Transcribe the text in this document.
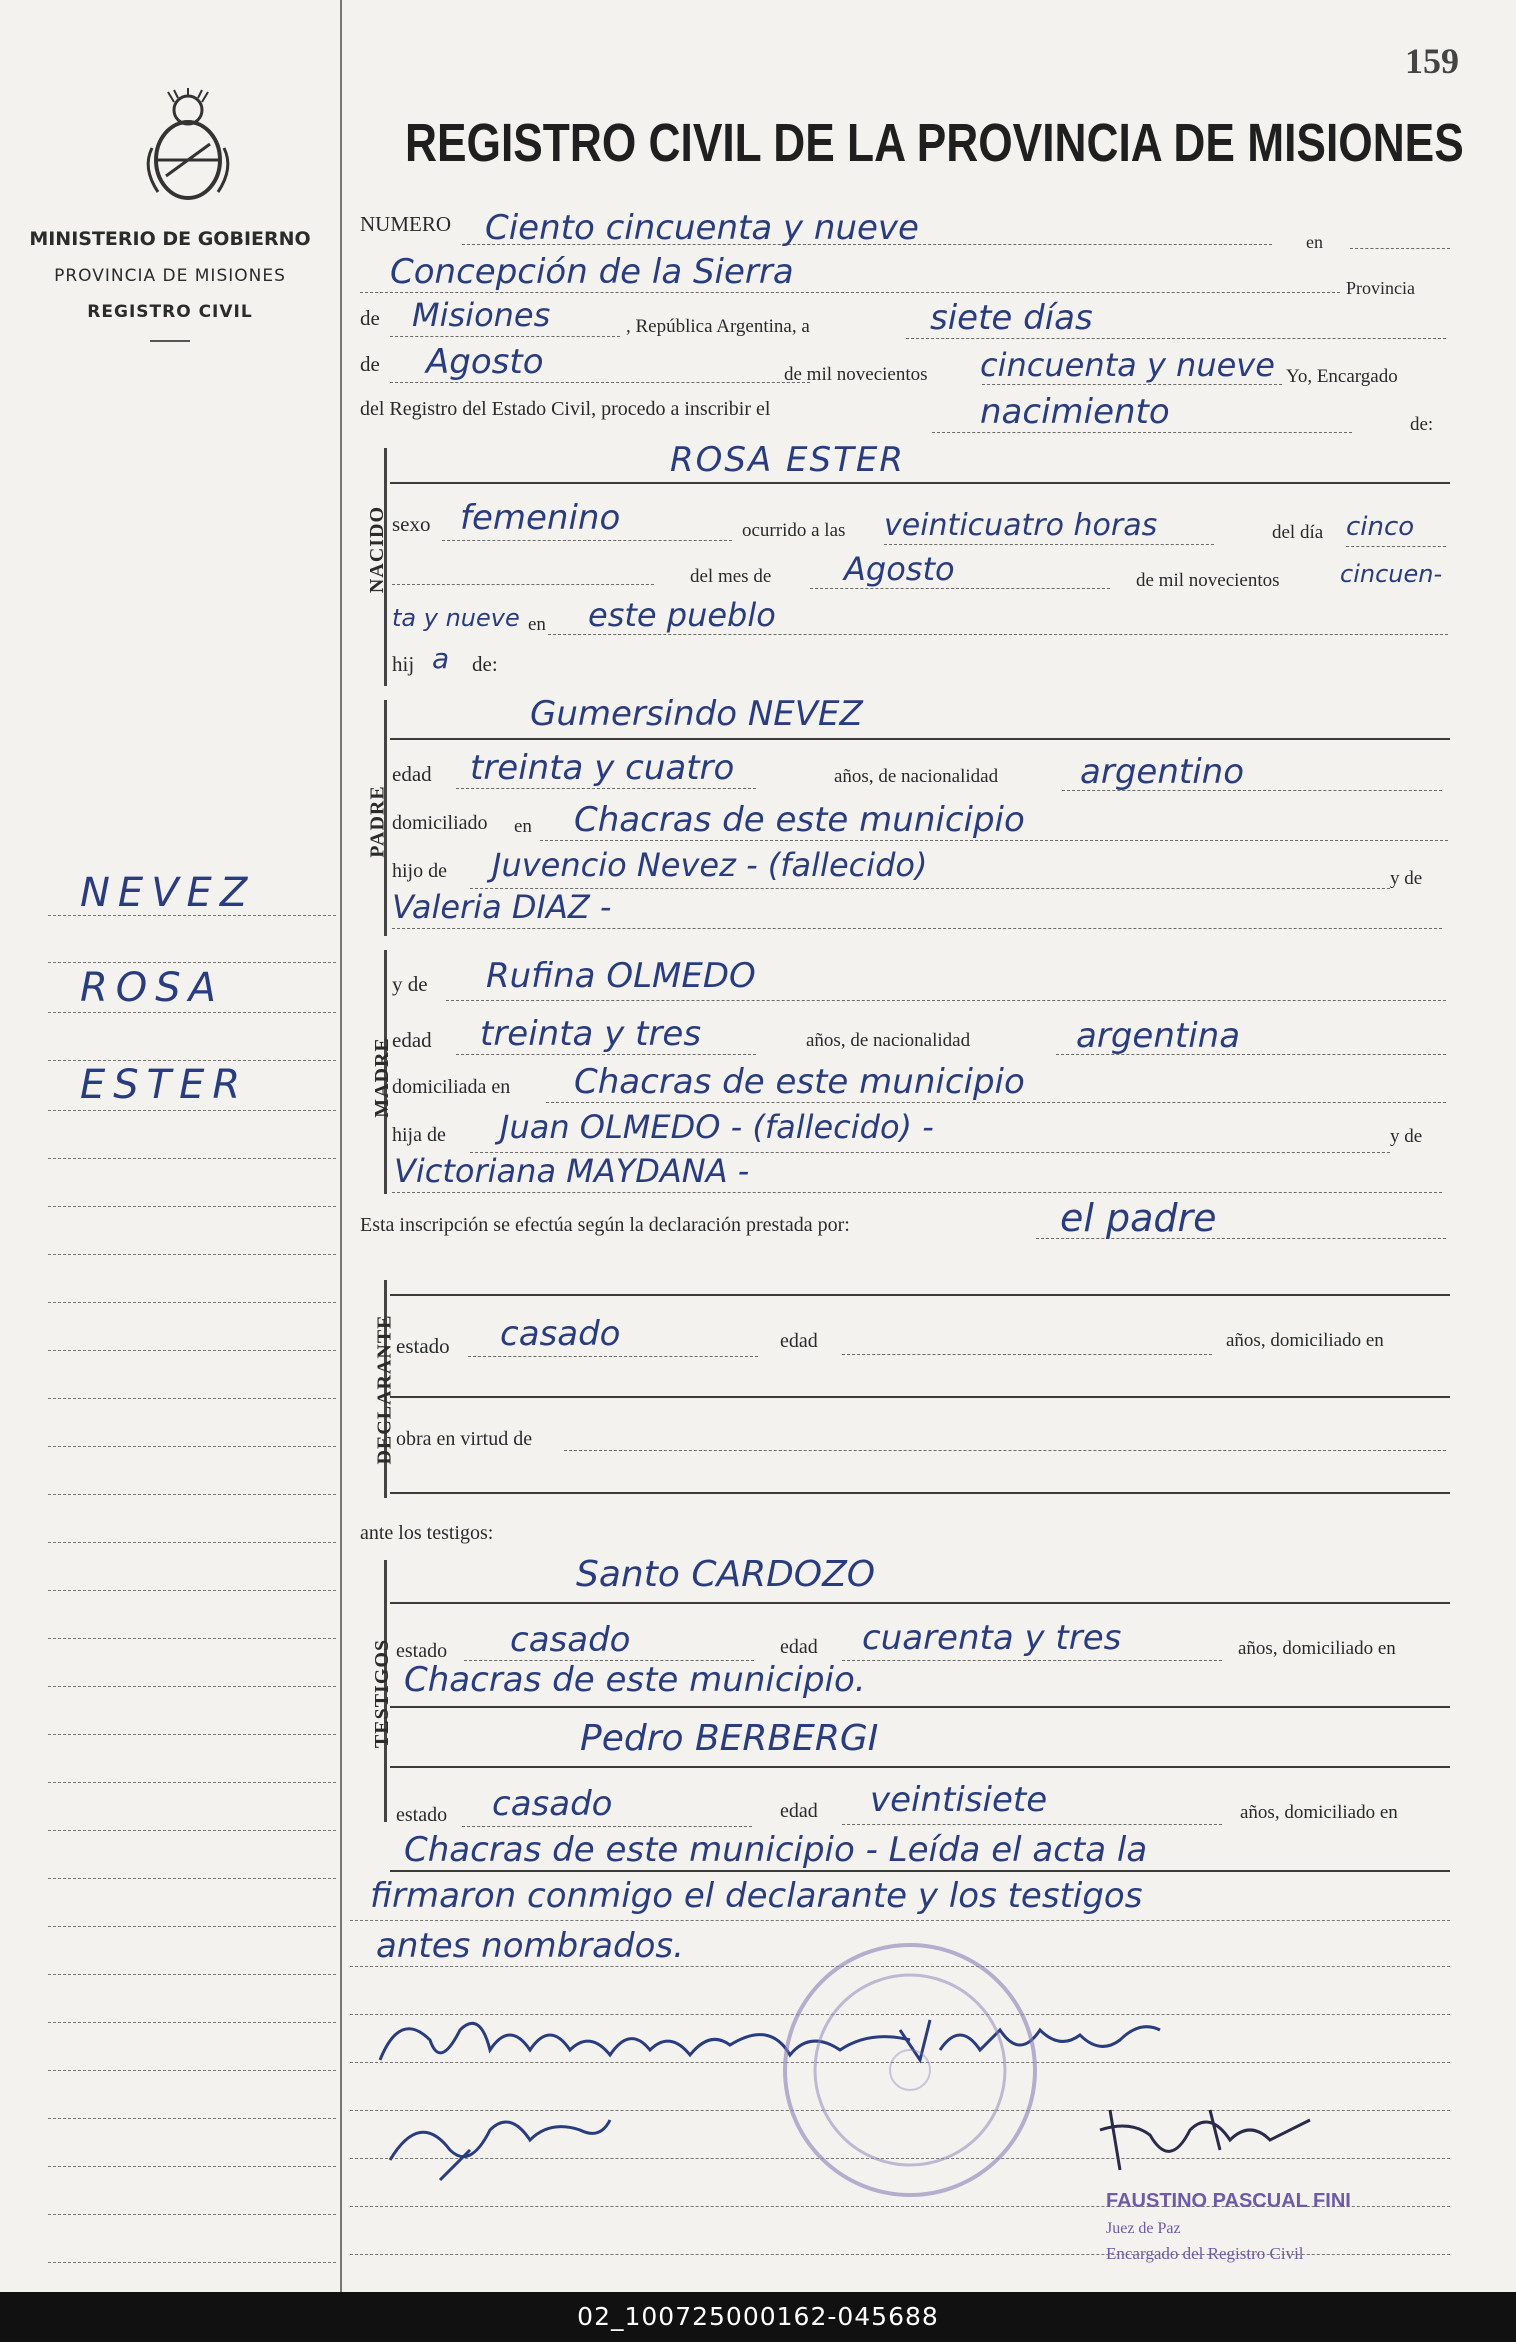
159
MINISTERIO DE GOBIERNO
PROVINCIA DE MISIONES
REGISTRO CIVIL
NEVEZ
ROSA
ESTER
REGISTRO CIVIL DE LA PROVINCIA DE MISIONES
NUMERO Ciento cincuenta y nueve	en
Concepción de la Sierra	Provincia
de Misiones	, República Argentina, a	siete días
de Agosto	de mil novecientos cincuenta y nueve Yo, Encargado
del Registro del Estado Civil, procedo a inscribir el	nacimiento	de:
NACIDO
ROSA ESTER
sexo femenino	ocurrido a las veinticuatro horas	del día cinco
del mes de Agosto	de mil novecientos	cincuen-
ta y nueve en este pueblo
hij a de:
PADRE
Gumersindo NEVEZ
edad treinta y cuatro	años, de nacionalidad argentino
domiciliado en Chacras de este municipio
hijo de Juvencio Nevez - (fallecido)	y de
Valeria DIAZ -
MADRE
y de Rufina OLMEDO
edad treinta y tres	años, de nacionalidad	argentina
domiciliada en Chacras de este municipio
hija de Juan OLMEDO - (fallecido) -	y de
Victoriana MAYDANA -
Esta inscripción se efectúa según la declaración prestada por:	el padre
DECLARANTE estado casado	edad	años, domiciliado en
obra en virtud de
ante los testigos:
TESTIGOS
Santo CARDOZO
estado casado	edad cuarenta y tres	años, domiciliado en
Chacras de este municipio.
Pedro BERBERGI
estado casado	edad veintisiete	años, domiciliado en
Chacras de este municipio - Leída el acta la
firmaron conmigo el declarante y los testigos
antes nombrados.
FAUSTINO PASCUAL FINI
Juez de Paz
Encargado del Registro Civil
02_100725000162-045688
